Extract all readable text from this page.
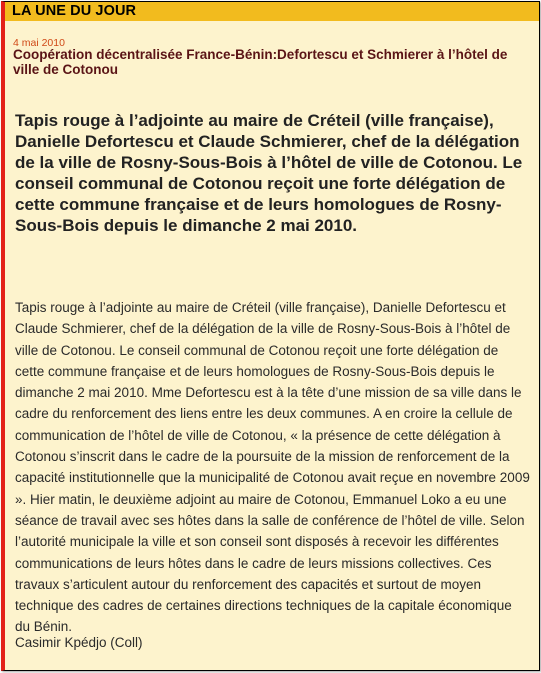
LA UNE DU JOUR
4 mai 2010
Coopération décentralisée France-Bénin:Defortescu et Schmierer à l’hôtel de ville de Cotonou
Tapis rouge à l’adjointe au maire de Créteil (ville française), Danielle Defortescu et Claude Schmierer, chef de la délégation de la ville de Rosny-Sous-Bois à l’hôtel de ville de Cotonou. Le conseil communal de Cotonou reçoit une forte délégation de cette commune française et de leurs homologues de Rosny-Sous-Bois depuis le dimanche 2 mai 2010.
Tapis rouge à l’adjointe au maire de Créteil (ville française), Danielle Defortescu et Claude Schmierer, chef de la délégation de la ville de Rosny-Sous-Bois à l’hôtel de ville de Cotonou. Le conseil communal de Cotonou reçoit une forte délégation de cette commune française et de leurs homologues de Rosny-Sous-Bois depuis le dimanche 2 mai 2010. Mme Defortescu est à la tête d’une mission de sa ville dans le cadre du renforcement des liens entre les deux communes. A en croire la cellule de communication de l’hôtel de ville de Cotonou, « la présence de cette délégation à Cotonou s’inscrit dans le cadre de la poursuite de la mission de renforcement de la capacité institutionnelle que la municipalité de Cotonou avait reçue en novembre 2009 ». Hier matin, le deuxième adjoint au maire de Cotonou, Emmanuel Loko a eu une séance de travail avec ses hôtes dans la salle de conférence de l’hôtel de ville. Selon l’autorité municipale la ville et son conseil sont disposés à recevoir les différentes communications de leurs hôtes dans le cadre de leurs missions collectives. Ces travaux s’articulent autour du renforcement des capacités et surtout de moyen technique des cadres de certaines directions techniques de la capitale économique du Bénin.
Casimir Kpédjo (Coll)
